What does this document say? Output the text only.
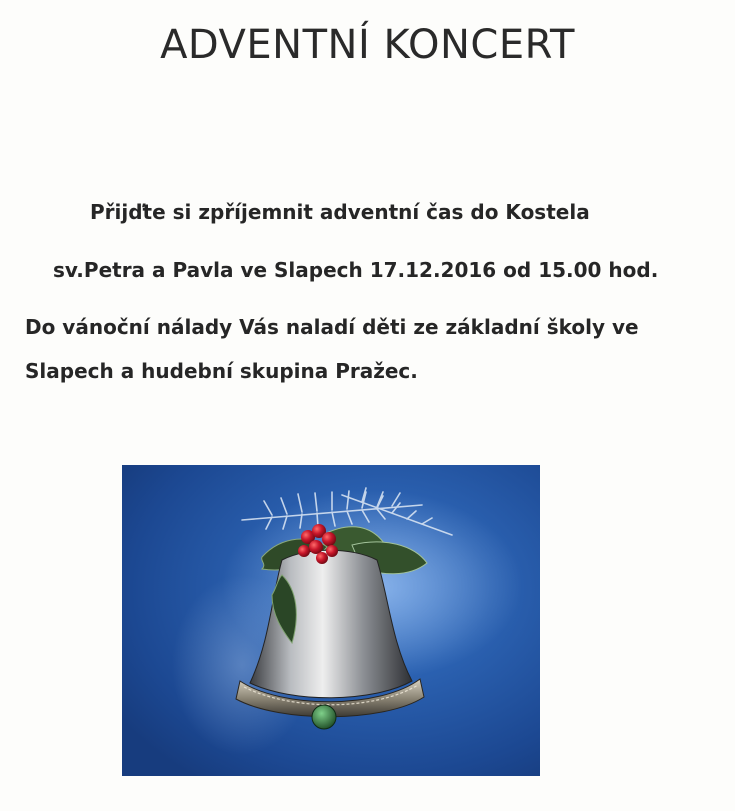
ADVENTNÍ KONCERT
Přijďte si zpříjemnit adventní čas do Kostela
sv.Petra a Pavla ve Slapech 17.12.2016 od 15.00 hod.
Do vánoční nálady Vás naladí děti ze základní školy ve
Slapech a hudební skupina Pražec.
